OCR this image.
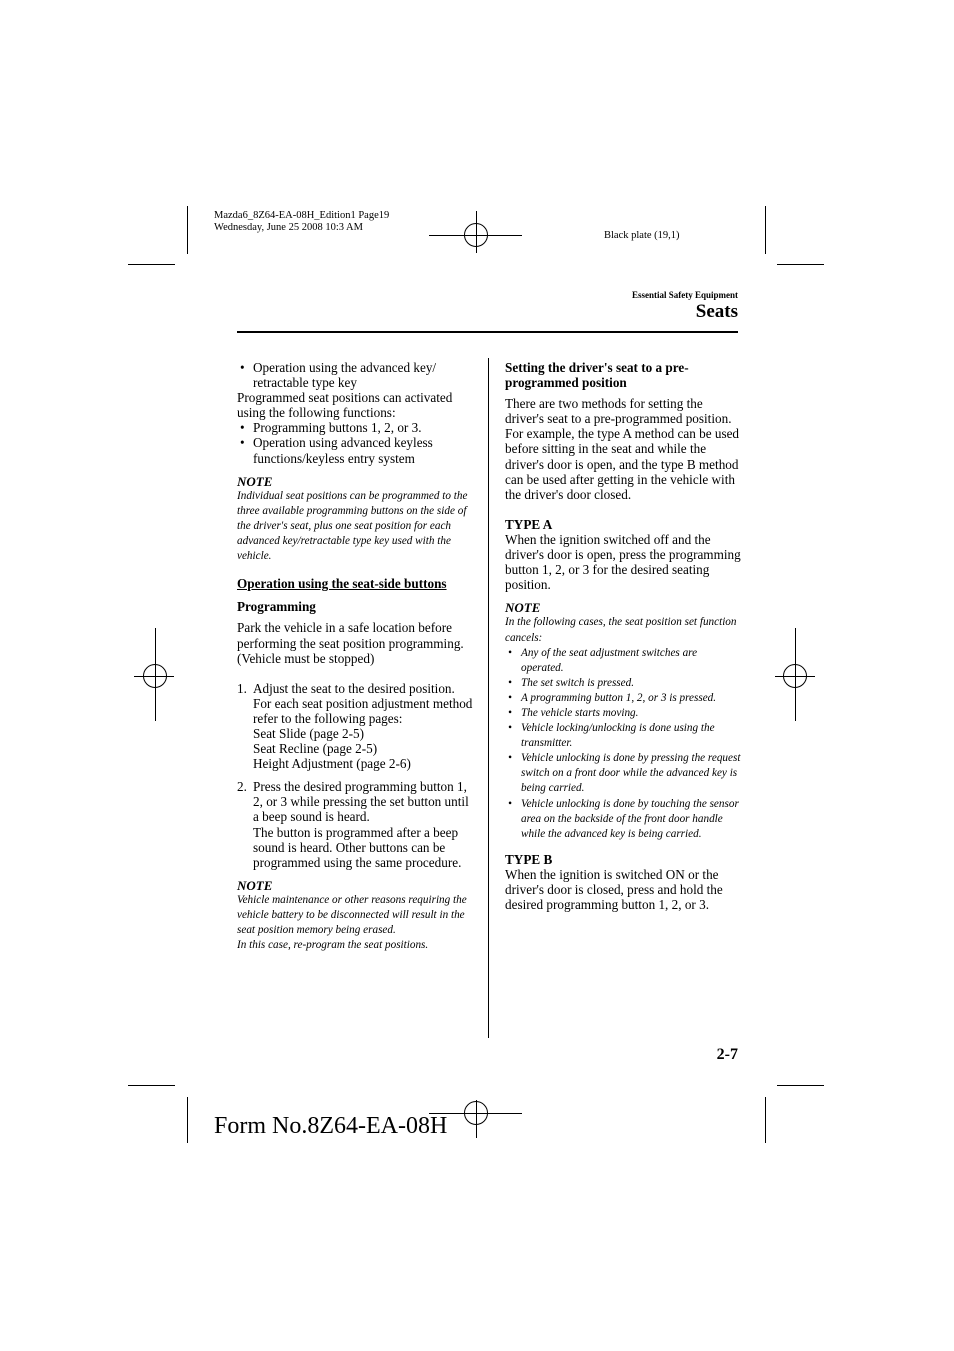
Mazda6_8Z64-EA-08H_Edition1 Page19
Wednesday, June 25 2008 10:3 AM
Black plate (19,1)
Essential Safety Equipment
Seats

• Operation using the advanced key/ retractable type key

Programmed seat positions can activated using the following functions:

• Programming buttons 1, 2, or 3.

• Operation using advanced keyless functions/keyless entry system

NOTE

Individual seat positions can be programmed to the three available programming buttons on the side of the driver's seat, plus one seat position for each advanced key/retractable type key used with the vehicle.

Operation using the seat-side buttons

Programming

Park the vehicle in a safe location before performing the seat position programming. (Vehicle must be stopped)

1. Adjust the seat to the desired position. For each seat position adjustment method refer to the following pages:

Seat Slide (page 2-5)

Seat Recline (page 2-5)

Height Adjustment (page 2-6)

2. Press the desired programming button 1, 2, or 3 while pressing the set button until a beep sound is heard.

The button is programmed after a beep sound is heard. Other buttons can be programmed using the same procedure.

NOTE

Vehicle maintenance or other reasons requiring the vehicle battery to be disconnected will result in the seat position memory being erased.

In this case, re-program the seat positions.

Setting the driver's seat to a pre-programmed position

There are two methods for setting the driver's seat to a pre-programmed position. For example, the type A method can be used before sitting in the seat and while the driver's door is open, and the type B method can be used after getting in the vehicle with the driver's door closed.

TYPE A

When the ignition switched off and the driver's door is open, press the programming button 1, 2, or 3 for the desired seating position.

NOTE

In the following cases, the seat position set function cancels:

• Any of the seat adjustment switches are operated.

• The set switch is pressed.

• A programming button 1, 2, or 3 is pressed.

• The vehicle starts moving.

• Vehicle locking/unlocking is done using the transmitter.

• Vehicle unlocking is done by pressing the request switch on a front door while the advanced key is being carried.

• Vehicle unlocking is done by touching the sensor area on the backside of the front door handle while the advanced key is being carried.

TYPE B

When the ignition is switched ON or the driver's door is closed, press and hold the desired programming button 1, 2, or 3.

2-7
Form No.8Z64-EA-08H
